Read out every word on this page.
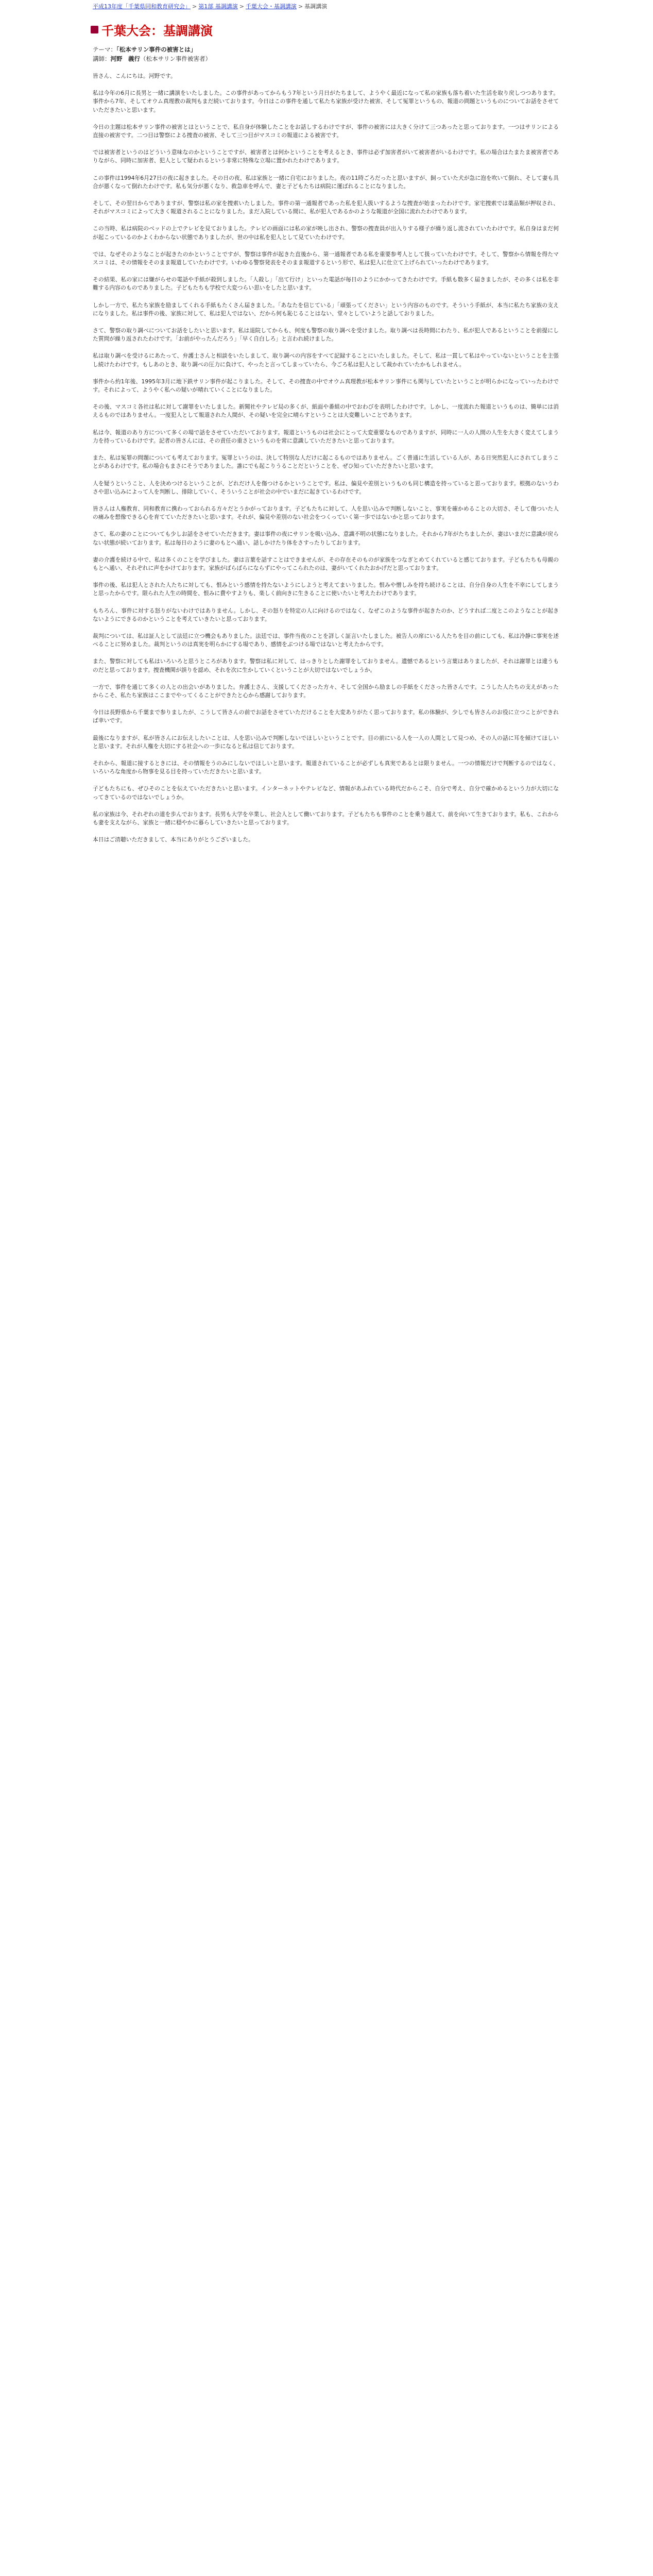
平成13年度「千葉県同和教育研究会」 > 第1部 基調講演 > 千葉大会・基調講演 > 基調講演
千葉大会：基調講演
テーマ：「松本サリン事件の被害とは」
講師：河野　義行（松本サリン事件被害者）

皆さん、こんにちは。河野です。

私は今年の6月に長男と一緒に講演をいたしました。この事件があってからもう7年という月日がたちまして、ようやく最近になって私の家族も落ち着いた生活を取り戻しつつあります。事件から7年、そしてオウム真理教の裁判もまだ続いております。今日はこの事件を通して私たち家族が受けた被害、そして冤罪というもの、報道の問題というものについてお話をさせていただきたいと思います。

今日の主題は松本サリン事件の被害とはということで、私自身が体験したことをお話しするわけですが、事件の被害には大きく分けて三つあったと思っております。一つはサリンによる直接の被害です。二つ目は警察による捜査の被害、そして三つ目がマスコミの報道による被害です。

では被害者というのはどういう意味なのかということですが、被害者とは何かということを考えるとき、事件は必ず加害者がいて被害者がいるわけです。私の場合はたまたま被害者でありながら、同時に加害者、犯人として疑われるという非常に特殊な立場に置かれたわけであります。

この事件は1994年6月27日の夜に起きました。その日の夜、私は家族と一緒に自宅におりました。夜の11時ごろだったと思いますが、飼っていた犬が急に泡を吹いて倒れ、そして妻も具合が悪くなって倒れたわけです。私も気分が悪くなり、救急車を呼んで、妻と子どもたちは病院に運ばれることになりました。

そして、その翌日からでありますが、警察は私の家を捜索いたしました。事件の第一通報者であった私を犯人扱いするような捜査が始まったわけです。家宅捜索では薬品類が押収され、それがマスコミによって大きく報道されることになりました。まだ入院している間に、私が犯人であるかのような報道が全国に流れたわけであります。

この当時、私は病院のベッドの上でテレビを見ておりました。テレビの画面には私の家が映し出され、警察の捜査員が出入りする様子が繰り返し流されていたわけです。私自身はまだ何が起こっているのかよくわからない状態でありましたが、世の中は私を犯人として見ていたわけです。

では、なぜそのようなことが起きたのかということですが、警察は事件が起きた直後から、第一通報者である私を重要参考人として扱っていたわけです。そして、警察から情報を得たマスコミは、その情報をそのまま報道していたわけです。いわゆる警察発表をそのまま報道するという形で、私は犯人に仕立て上げられていったわけであります。

その結果、私の家には嫌がらせの電話や手紙が殺到しました。「人殺し」「出て行け」といった電話が毎日のようにかかってきたわけです。手紙も数多く届きましたが、その多くは私を非難する内容のものでありました。子どもたちも学校で大変つらい思いをしたと思います。

しかし一方で、私たち家族を励ましてくれる手紙もたくさん届きました。「あなたを信じている」「頑張ってください」という内容のものです。そういう手紙が、本当に私たち家族の支えになりました。私は事件の後、家族に対して、私は犯人ではない、だから何も恥じることはない、堂々としていようと話しておりました。

さて、警察の取り調べについてお話をしたいと思います。私は退院してからも、何度も警察の取り調べを受けました。取り調べは長時間にわたり、私が犯人であるということを前提にした質問が繰り返されたわけです。「お前がやったんだろう」「早く自白しろ」と言われ続けました。

私は取り調べを受けるにあたって、弁護士さんと相談をいたしまして、取り調べの内容をすべて記録することにいたしました。そして、私は一貫して私はやっていないということを主張し続けたわけです。もしあのとき、取り調べの圧力に負けて、やったと言ってしまっていたら、今ごろ私は犯人として裁かれていたかもしれません。

事件から約1年後、1995年3月に地下鉄サリン事件が起こりました。そして、その捜査の中でオウム真理教が松本サリン事件にも関与していたということが明らかになっていったわけです。それによって、ようやく私への疑いが晴れていくことになりました。

その後、マスコミ各社は私に対して謝罪をいたしました。新聞社やテレビ局の多くが、紙面や番組の中でおわびを表明したわけです。しかし、一度流れた報道というものは、簡単には消えるものではありません。一度犯人として報道された人間が、その疑いを完全に晴らすということは大変難しいことであります。

私は今、報道のあり方について多くの場で話をさせていただいております。報道というものは社会にとって大変重要なものでありますが、同時に一人の人間の人生を大きく変えてしまう力を持っているわけです。記者の皆さんには、その責任の重さというものを常に意識していただきたいと思っております。

また、私は冤罪の問題についても考えております。冤罪というのは、決して特別な人だけに起こるものではありません。ごく普通に生活している人が、ある日突然犯人にされてしまうことがあるわけです。私の場合もまさにそうでありました。誰にでも起こりうることだということを、ぜひ知っていただきたいと思います。

人を疑うということ、人を決めつけるということが、どれだけ人を傷つけるかということです。私は、偏見や差別というものも同じ構造を持っていると思っております。根拠のないうわさや思い込みによって人を判断し、排除していく、そういうことが社会の中でいまだに起きているわけです。

皆さんは人権教育、同和教育に携わっておられる方々だとうかがっております。子どもたちに対して、人を思い込みで判断しないこと、事実を確かめることの大切さ、そして傷ついた人の痛みを想像できる心を育てていただきたいと思います。それが、偏見や差別のない社会をつくっていく第一歩ではないかと思っております。

さて、私の妻のことについても少しお話をさせていただきます。妻は事件の夜にサリンを吸い込み、意識不明の状態になりました。それから7年がたちましたが、妻はいまだに意識が戻らない状態が続いております。私は毎日のように妻のもとへ通い、話しかけたり体をさすったりしております。

妻の介護を続ける中で、私は多くのことを学びました。妻は言葉を話すことはできませんが、その存在そのものが家族をつなぎとめてくれていると感じております。子どもたちも母親のもとへ通い、それぞれに声をかけております。家族がばらばらにならずにやってこられたのは、妻がいてくれたおかげだと思っております。

事件の後、私は犯人とされた人たちに対しても、恨みという感情を持たないようにしようと考えてまいりました。恨みや憎しみを持ち続けることは、自分自身の人生を不幸にしてしまうと思ったからです。限られた人生の時間を、恨みに費やすよりも、楽しく前向きに生きることに使いたいと考えたわけであります。

もちろん、事件に対する怒りがないわけではありません。しかし、その怒りを特定の人に向けるのではなく、なぜこのような事件が起きたのか、どうすれば二度とこのようなことが起きないようにできるのかということを考えていきたいと思っております。

裁判については、私は証人として法廷に立つ機会もありました。法廷では、事件当夜のことを詳しく証言いたしました。被告人の席にいる人たちを目の前にしても、私は冷静に事実を述べることに努めました。裁判というのは真実を明らかにする場であり、感情をぶつける場ではないと考えたからです。

また、警察に対しても私はいろいろと思うところがあります。警察は私に対して、はっきりとした謝罪をしておりません。遺憾であるという言葉はありましたが、それは謝罪とは違うものだと思っております。捜査機関が誤りを認め、それを次に生かしていくということが大切ではないでしょうか。

一方で、事件を通じて多くの人との出会いがありました。弁護士さん、支援してくださった方々、そして全国から励ましの手紙をくださった皆さんです。こうした人たちの支えがあったからこそ、私たち家族はここまでやってくることができたと心から感謝しております。

今日は長野県から千葉まで参りましたが、こうして皆さんの前でお話をさせていただけることを大変ありがたく思っております。私の体験が、少しでも皆さんのお役に立つことができれば幸いです。

最後になりますが、私が皆さんにお伝えしたいことは、人を思い込みで判断しないでほしいということです。目の前にいる人を一人の人間として見つめ、その人の話に耳を傾けてほしいと思います。それが人権を大切にする社会への一歩になると私は信じております。

それから、報道に接するときには、その情報をうのみにしないでほしいと思います。報道されていることが必ずしも真実であるとは限りません。一つの情報だけで判断するのではなく、いろいろな角度から物事を見る目を持っていただきたいと思います。

子どもたちにも、ぜひそのことを伝えていただきたいと思います。インターネットやテレビなど、情報があふれている時代だからこそ、自分で考え、自分で確かめるという力が大切になってきているのではないでしょうか。

私の家族は今、それぞれの道を歩んでおります。長男も大学を卒業し、社会人として働いております。子どもたちも事件のことを乗り越えて、前を向いて生きております。私も、これからも妻を支えながら、家族と一緒に穏やかに暮らしていきたいと思っております。

本日はご清聴いただきまして、本当にありがとうございました。
